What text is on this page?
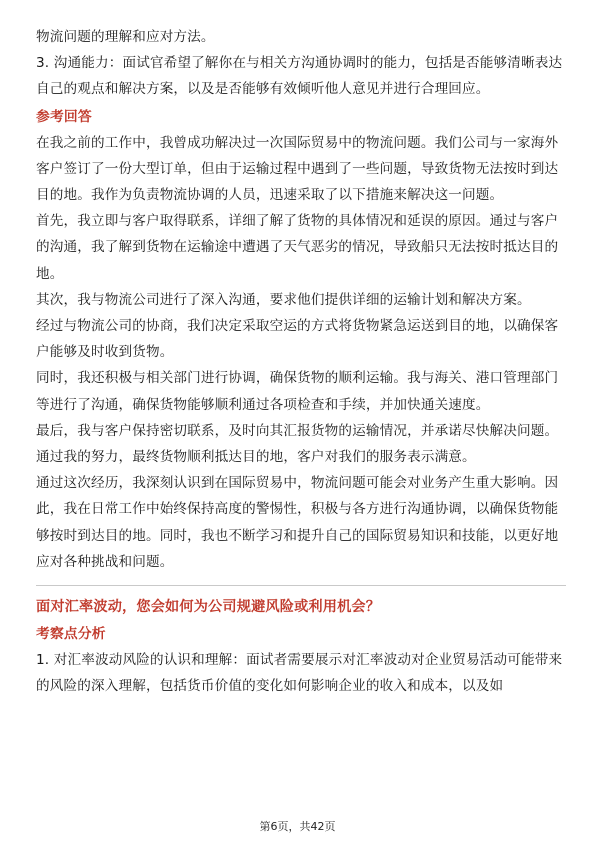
物流问题的理解和应对方法。

3. 沟通能力：面试官希望了解你在与相关方沟通协调时的能力，包括是否能够清晰表达自己的观点和解决方案，以及是否能够有效倾听他人意见并进行合理回应。

参考回答

在我之前的工作中，我曾成功解决过一次国际贸易中的物流问题。我们公司与一家海外客户签订了一份大型订单，但由于运输过程中遇到了一些问题，导致货物无法按时到达目的地。我作为负责物流协调的人员，迅速采取了以下措施来解决这一问题。

首先，我立即与客户取得联系，详细了解了货物的具体情况和延误的原因。通过与客户的沟通，我了解到货物在运输途中遭遇了天气恶劣的情况，导致船只无法按时抵达目的地。

其次，我与物流公司进行了深入沟通，要求他们提供详细的运输计划和解决方案。

经过与物流公司的协商，我们决定采取空运的方式将货物紧急运送到目的地，以确保客户能够及时收到货物。

同时，我还积极与相关部门进行协调，确保货物的顺利运输。我与海关、港口管理部门等进行了沟通，确保货物能够顺利通过各项检查和手续，并加快通关速度。

最后，我与客户保持密切联系，及时向其汇报货物的运输情况，并承诺尽快解决问题。通过我的努力，最终货物顺利抵达目的地，客户对我们的服务表示满意。

通过这次经历，我深刻认识到在国际贸易中，物流问题可能会对业务产生重大影响。因此，我在日常工作中始终保持高度的警惕性，积极与各方进行沟通协调，以确保货物能够按时到达目的地。同时，我也不断学习和提升自己的国际贸易知识和技能，以更好地应对各种挑战和问题。

面对汇率波动，您会如何为公司规避风险或利用机会？

考察点分析

1. 对汇率波动风险的认识和理解：面试者需要展示对汇率波动对企业贸易活动可能带来的风险的深入理解，包括货币价值的变化如何影响企业的收入和成本，以及如

第6页，共42页
